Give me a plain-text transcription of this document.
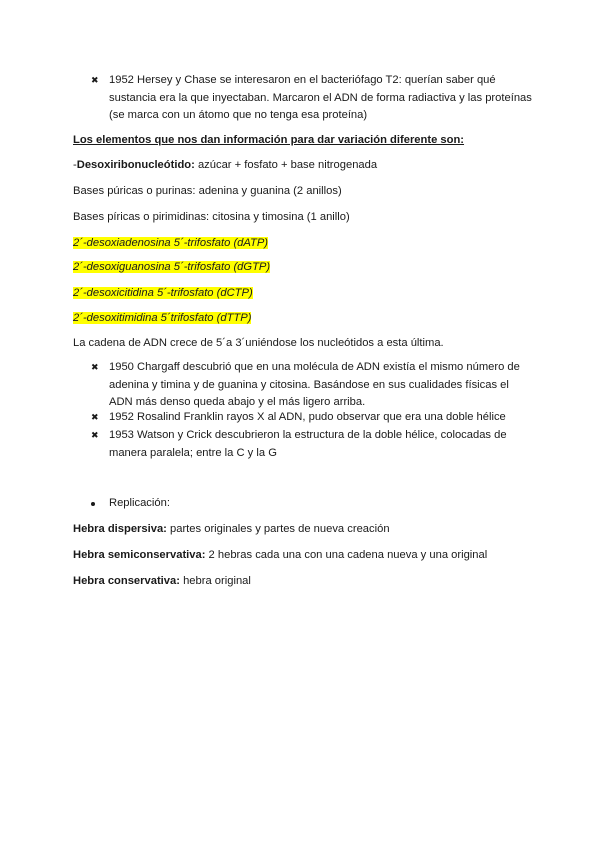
✖ 1952 Hersey y Chase se interesaron en el bacteriófago T2: querían saber qué sustancia era la que inyectaban. Marcaron el ADN de forma radiactiva y las proteínas (se marca con un átomo que no tenga esa proteína)
Los elementos que nos dan información para dar variación diferente son:
-Desoxiribonucleótido: azúcar + fosfato + base nitrogenada
Bases púricas o purinas: adenina y guanina (2 anillos)
Bases píricas o pirimidinas: citosina y timosina (1 anillo)
2´-desoxiadenosina 5´-trifosfato (dATP)
2´-desoxiguanosina 5´-trifosfato (dGTP)
2´-desoxicitidina 5´-trifosfato (dCTP)
2´-desoxitimidina 5´trifosfato (dTTP)
La cadena de ADN crece de 5´a 3´uniéndose los nucleótidos a esta última.
✖ 1950 Chargaff descubrió que en una molécula de ADN existía el mismo número de adenina y timina y de guanina y citosina. Basándose en sus cualidades físicas el ADN más denso queda abajo y el más ligero arriba.
✖ 1952 Rosalind Franklin rayos X al ADN, pudo observar que era una doble hélice
✖ 1953 Watson y Crick descubrieron la estructura de la doble hélice, colocadas de manera paralela; entre la C y la G
Replicación:
Hebra dispersiva: partes originales y partes de nueva creación
Hebra semiconservativa: 2 hebras cada una con una cadena nueva y una original
Hebra conservativa: hebra original
